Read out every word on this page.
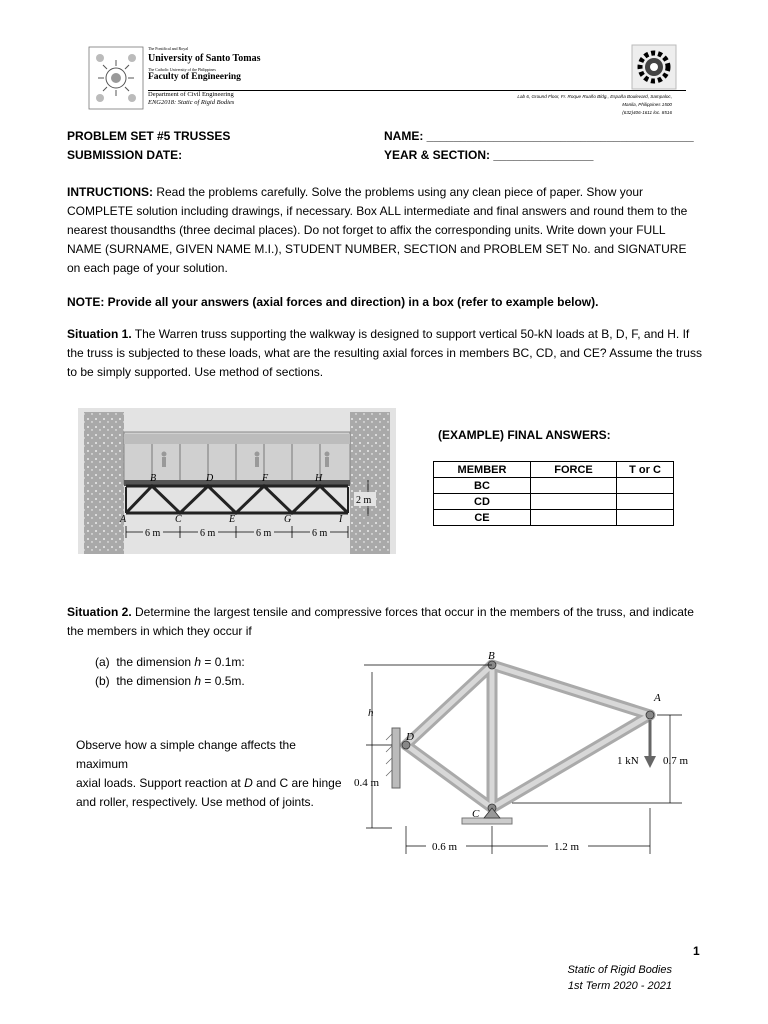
The Pontifical and Royal
University of Santo Tomas
The Catholic University of the Philippines
Faculty of Engineering
Department of Civil Engineering
ENG2018: Static of Rigid Bodies
Lab 6, Ground Floor, Fr. Roque Ruaño Bldg., España Boulevard, Sampaloc,
Manila, Philippines 1500
(632)406-1611 loc. 8516
PROBLEM SET #5 TRUSSES
SUBMISSION DATE:
NAME: ________________________________________
YEAR & SECTION: _______________
INTRUCTIONS: Read the problems carefully. Solve the problems using any clean piece of paper. Show your COMPLETE solution including drawings, if necessary. Box ALL intermediate and final answers and round them to the nearest thousandths (three decimal places). Do not forget to affix the corresponding units. Write down your FULL NAME (SURNAME, GIVEN NAME M.I.), STUDENT NUMBER, SECTION and PROBLEM SET No. and SIGNATURE on each page of your solution.
NOTE: Provide all your answers (axial forces and direction) in a box (refer to example below).
Situation 1. The Warren truss supporting the walkway is designed to support vertical 50-kN loads at B, D, F, and H. If the truss is subjected to these loads, what are the resulting axial forces in members BC, CD, and CE? Assume the truss to be simply supported. Use method of sections.
B	D	F	H
A	C	E	G	I
2 m
6 m	6 m	6 m	6 m
(EXAMPLE) FINAL ANSWERS:
MEMBER	FORCE	T or C
BC		
CD		
CE		
Situation 2. Determine the largest tensile and compressive forces that occur in the members of the truss, and indicate the members in which they occur if
(a) the dimension h = 0.1m:
(b) the dimension h = 0.5m.
Observe how a simple change affects the maximum
axial loads. Support reaction at D and C are hinge
and roller, respectively. Use method of joints.
B
A
D
C
h
1 kN 0.7 m
0.4 m
0.6 m	1.2 m
1
Static of Rigid Bodies
1st Term 2020 - 2021
